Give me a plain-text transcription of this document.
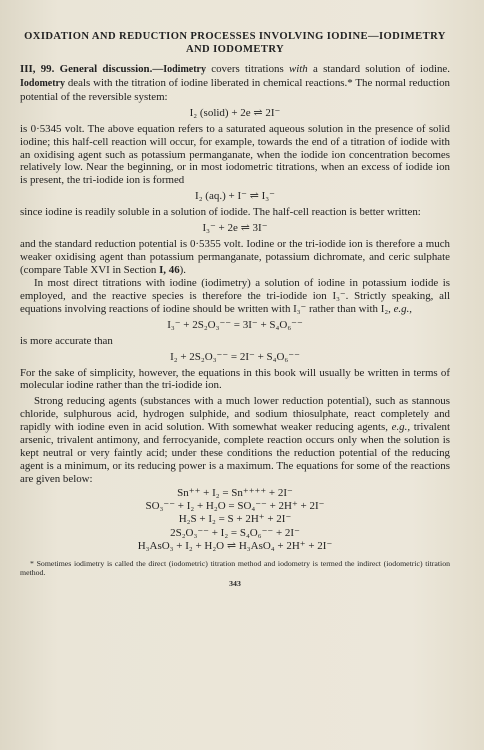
OXIDATION AND REDUCTION PROCESSES INVOLVING IODINE—IODIMETRY AND IODOMETRY

III, 99. General discussion.—Iodimetry covers titrations with a standard solution of iodine. Iodometry deals with the titration of iodine liberated in chemical reactions.* The normal reduction potential of the reversible system:

I₂ (solid) + 2e ⇌ 2I⁻

is 0·5345 volt. The above equation refers to a saturated aqueous solution in the presence of solid iodine; this half-cell reaction will occur, for example, towards the end of a titration of iodide with an oxidising agent such as potassium permanganate, when the iodide ion concentration becomes relatively low. Near the beginning, or in most iodometric titrations, when an excess of iodide ion is present, the tri-iodide ion is formed

I₂ (aq.) + I⁻ ⇌ I₃⁻

since iodine is readily soluble in a solution of iodide. The half-cell reaction is better written:

I₃⁻ + 2e ⇌ 3I⁻

and the standard reduction potential is 0·5355 volt. Iodine or the tri-iodide ion is therefore a much weaker oxidising agent than potassium permanganate, potassium dichromate, and ceric sulphate (compare Table XVI in Section I, 46).

In most direct titrations with iodine (iodimetry) a solution of iodine in potassium iodide is employed, and the reactive species is therefore the tri-iodide ion I₃⁻. Strictly speaking, all equations involving reactions of iodine should be written with I₃⁻ rather than with I₂, e.g.,

I₃⁻ + 2S₂O₃⁻⁻ = 3I⁻ + S₄O₆⁻⁻

is more accurate than

I₂ + 2S₂O₃⁻⁻ = 2I⁻ + S₄O₆⁻⁻

For the sake of simplicity, however, the equations in this book will usually be written in terms of molecular iodine rather than the tri-iodide ion.

Strong reducing agents (substances with a much lower reduction potential), such as stannous chloride, sulphurous acid, hydrogen sulphide, and sodium thiosulphate, react completely and rapidly with iodine even in acid solution. With somewhat weaker reducing agents, e.g., trivalent arsenic, trivalent antimony, and ferrocyanide, complete reaction occurs only when the solution is kept neutral or very faintly acid; under these conditions the reduction potential of the reducing agent is a minimum, or its reducing power is a maximum. The equations for some of the reactions are given below:

Sn⁺⁺ + I₂ = Sn⁺⁺⁺⁺ + 2I⁻
SO₃⁻⁻ + I₂ + H₂O = SO₄⁻⁻ + 2H⁺ + 2I⁻
H₂S + I₂ = S + 2H⁺ + 2I⁻
2S₂O₃⁻⁻ + I₂ = S₄O₆⁻⁻ + 2I⁻
H₃AsO₃ + I₂ + H₂O ⇌ H₃AsO₄ + 2H⁺ + 2I⁻
* Sometimes iodimetry is called the direct (iodometric) titration method and iodometry is termed the indirect (iodometric) titration method.
343
